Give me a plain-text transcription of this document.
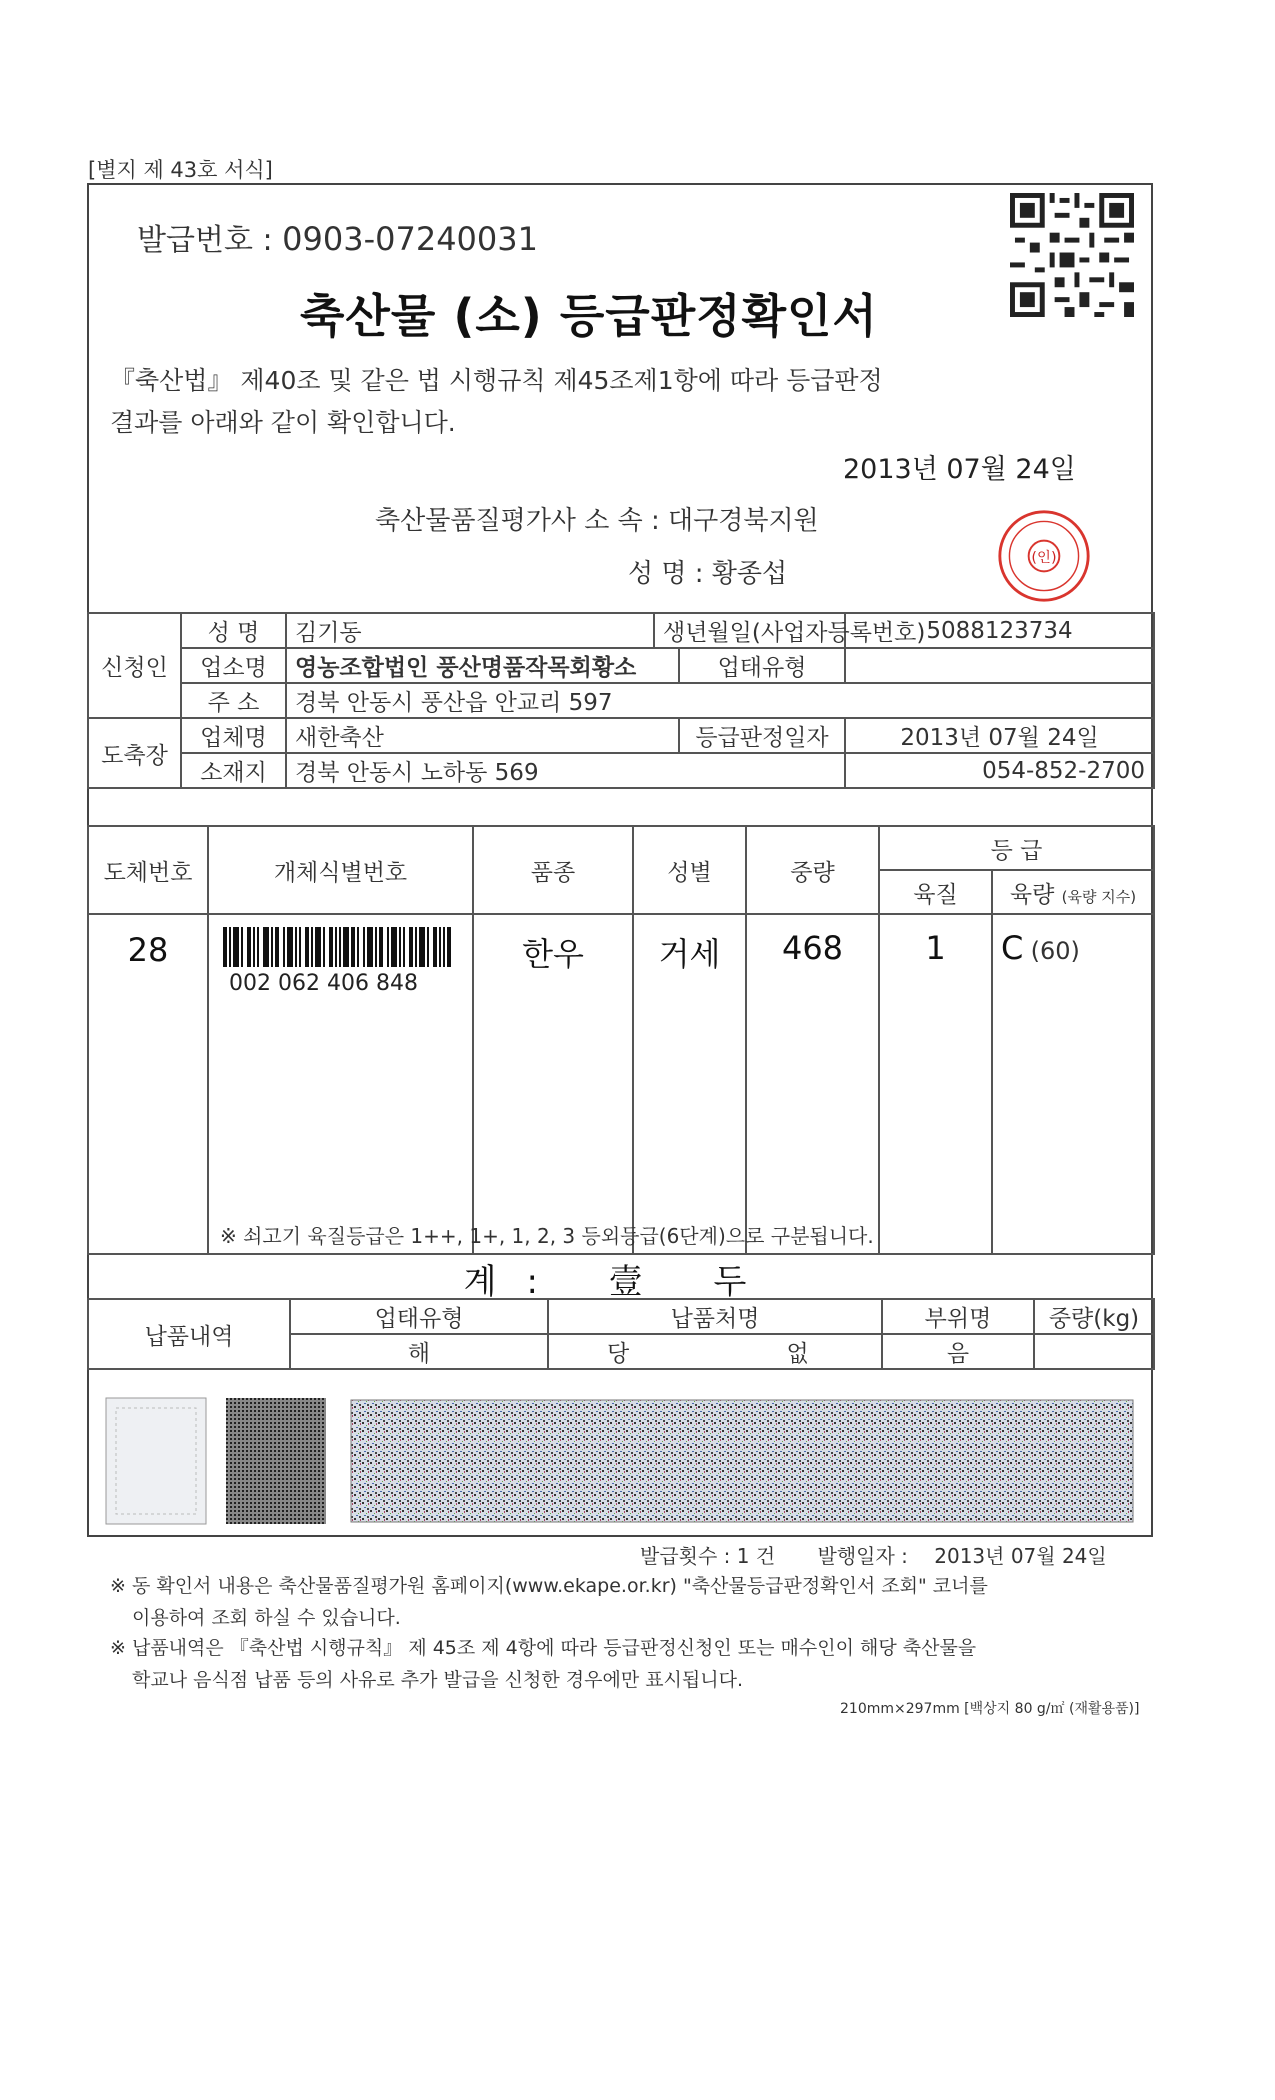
[별지 제 43호 서식]
발급번호 : 0903-07240031
축산물 (소) 등급판정확인서
『축산법』 제40조 및 같은 법 시행규칙 제45조제1항에 따라 등급판정
결과를 아래와 같이 확인합니다.
2013년 07월 24일
축산물품질평가사 소 속 : 대구경북지원
성 명 : 황종섭
(인)
신청인	성 명	김기동	생년월일(사업자등록번호)		5088123734
	업소명	영농조합법인 풍산명품작목회황소		업태유형	
	주 소	경북 안동시 풍산읍 안교리 597			
도축장	업체명	새한축산		등급판정일자	2013년 07월 24일
	소재지	경북 안동시 노하동 569			054-852-2700
도체번호	개체식별번호	품종	성별	중량	등 급	
					육질	육량 (육량 지수)
28	002 062 406 848	한우	거세	468	1	C (60)
※ 쇠고기 육질등급은 1++, 1+, 1, 2, 3 등외등급(6단계)으로 구분됩니다.
계: 壹 두
납품내역	업태유형	납품처명	부위명	중량(kg)
	해	당 없	음	
발급횟수 : 1 건 발행일자 : 2013년 07월 24일
※ 동 확인서 내용은 축산물품질평가원 홈페이지(www.ekape.or.kr) "축산물등급판정확인서 조회" 코너를
이용하여 조회 하실 수 있습니다.
※ 납품내역은 『축산법 시행규칙』 제 45조 제 4항에 따라 등급판정신청인 또는 매수인이 해당 축산물을
학교나 음식점 납품 등의 사유로 추가 발급을 신청한 경우에만 표시됩니다.
210mm×297mm [백상지 80 g/㎡ (재활용품)]
